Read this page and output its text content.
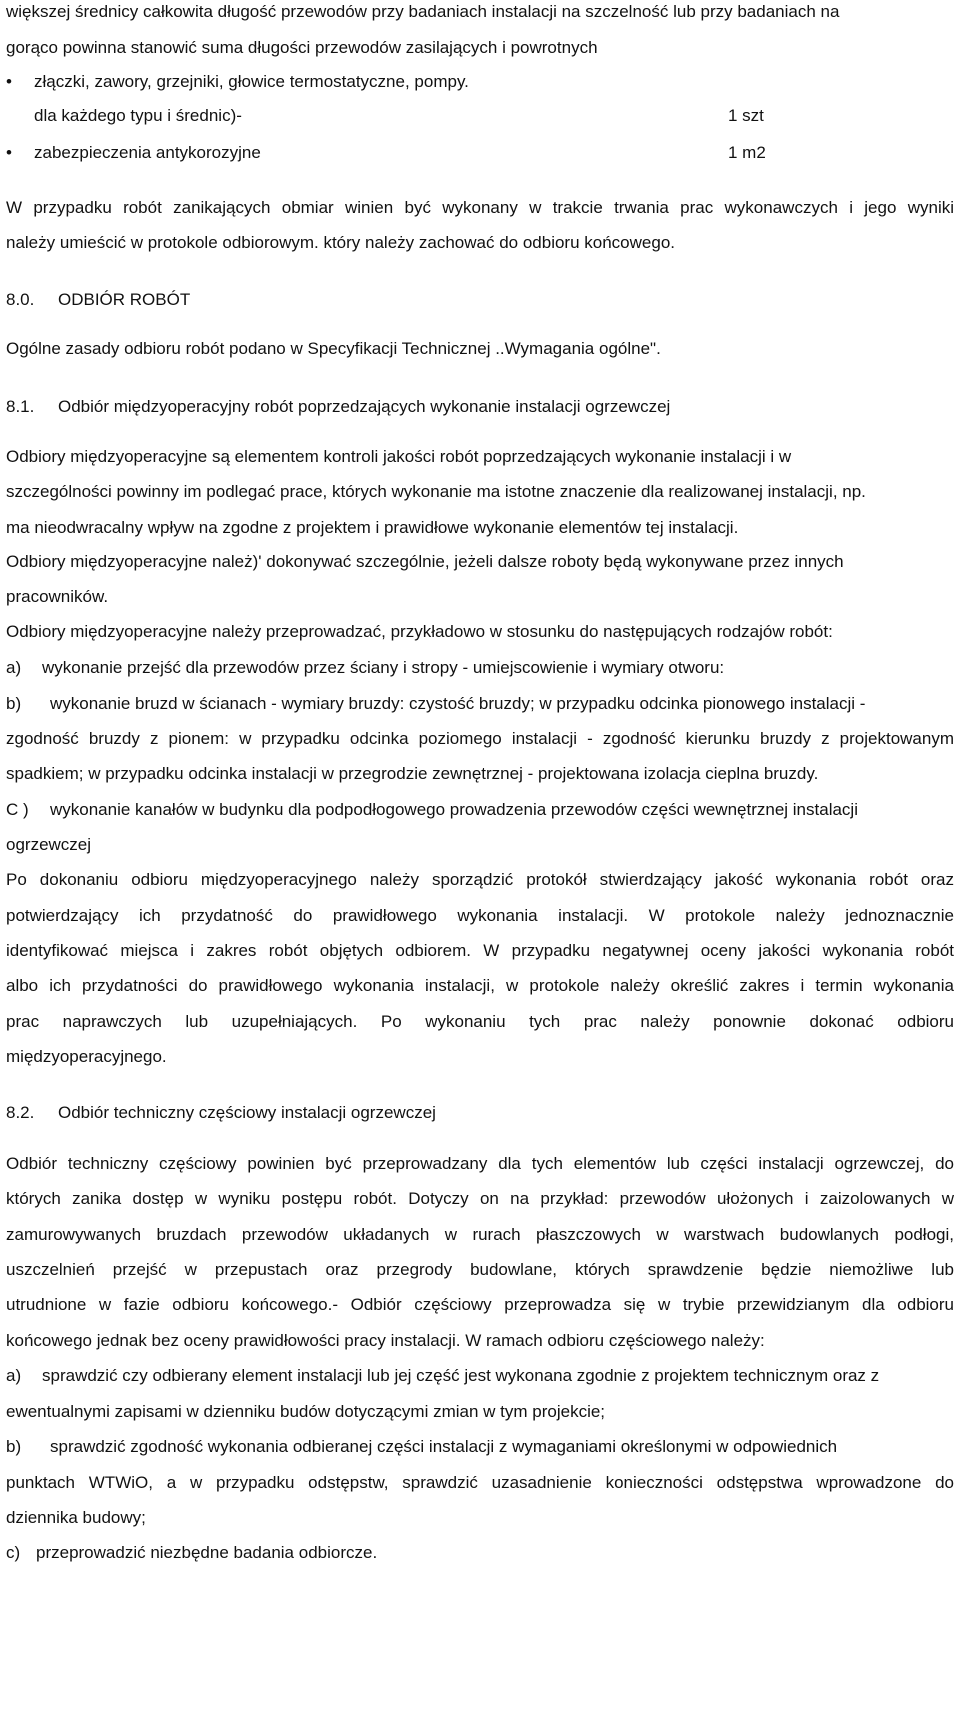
większej średnicy całkowita długość przewodów przy badaniach instalacji na szczelność lub przy badaniach na
gorąco powinna stanowić suma długości przewodów zasilających i powrotnych
• złączki, zawory, grzejniki, głowice termostatyczne, pompy.
dla każdego typu i średnic)-	1 szt
• zabezpieczenia antykorozyjne	1 m2
W przypadku robót zanikających obmiar winien być wykonany w trakcie trwania prac wykonawczych i jego wyniki
należy umieścić w protokole odbiorowym. który należy zachować do odbioru końcowego.
8.0. ODBIÓR ROBÓT
Ogólne zasady odbioru robót podano w Specyfikacji Technicznej ..Wymagania ogólne".
8.1. Odbiór międzyoperacyjny robót poprzedzających wykonanie instalacji ogrzewczej
Odbiory międzyoperacyjne są elementem kontroli jakości robót poprzedzających wykonanie instalacji i w
szczególności powinny im podlegać prace, których wykonanie ma istotne znaczenie dla realizowanej instalacji, np.
ma nieodwracalny wpływ na zgodne z projektem i prawidłowe wykonanie elementów tej instalacji.
Odbiory międzyoperacyjne należ)' dokonywać szczególnie, jeżeli dalsze roboty będą wykonywane przez innych
pracowników.
Odbiory międzyoperacyjne należy przeprowadzać, przykładowo w stosunku do następujących rodzajów robót:
a) wykonanie przejść dla przewodów przez ściany i stropy - umiejscowienie i wymiary otworu:
b) wykonanie bruzd w ścianach - wymiary bruzdy: czystość bruzdy; w przypadku odcinka pionowego instalacji -
zgodność bruzdy z pionem: w przypadku odcinka poziomego instalacji - zgodność kierunku bruzdy z projektowanym
spadkiem; w przypadku odcinka instalacji w przegrodzie zewnętrznej - projektowana izolacja cieplna bruzdy.
C ) wykonanie kanałów w budynku dla podpodłogowego prowadzenia przewodów części wewnętrznej instalacji
ogrzewczej
Po dokonaniu odbioru międzyoperacyjnego należy sporządzić protokół stwierdzający jakość wykonania robót oraz
potwierdzający ich przydatność do prawidłowego wykonania instalacji. W protokole należy jednoznacznie
identyfikować miejsca i zakres robót objętych odbiorem. W przypadku negatywnej oceny jakości wykonania robót
albo ich przydatności do prawidłowego wykonania instalacji, w protokole należy określić zakres i termin wykonania
prac naprawczych lub uzupełniających. Po wykonaniu tych prac należy ponownie dokonać odbioru
międzyoperacyjnego.
8.2. Odbiór techniczny częściowy instalacji ogrzewczej
Odbiór techniczny częściowy powinien być przeprowadzany dla tych elementów lub części instalacji ogrzewczej, do
których zanika dostęp w wyniku postępu robót. Dotyczy on na przykład: przewodów ułożonych i zaizolowanych w
zamurowywanych bruzdach przewodów układanych w rurach płaszczowych w warstwach budowlanych podłogi,
uszczelnień przejść w przepustach oraz przegrody budowlane, których sprawdzenie będzie niemożliwe lub
utrudnione w fazie odbioru końcowego.- Odbiór częściowy przeprowadza się w trybie przewidzianym dla odbioru
końcowego jednak bez oceny prawidłowości pracy instalacji. W ramach odbioru częściowego należy:
a) sprawdzić czy odbierany element instalacji lub jej część jest wykonana zgodnie z projektem technicznym oraz z
ewentualnymi zapisami w dzienniku budów dotyczącymi zmian w tym projekcie;
b) sprawdzić zgodność wykonania odbieranej części instalacji z wymaganiami określonymi w odpowiednich
punktach WTWiO, a w przypadku odstępstw, sprawdzić uzasadnienie konieczności odstępstwa wprowadzone do
dziennika budowy;
c) przeprowadzić niezbędne badania odbiorcze.
